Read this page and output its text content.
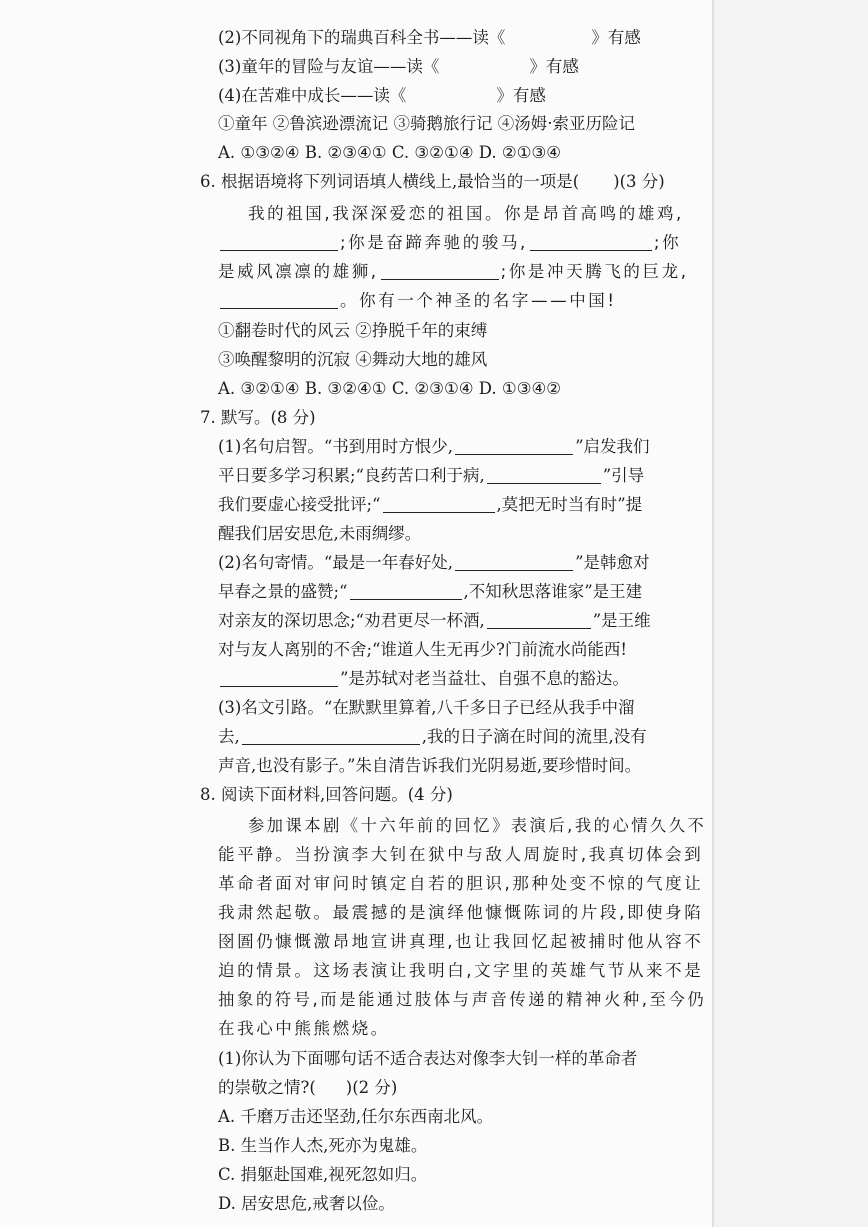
(2)不同视角下的瑞典百科全书——读《	》有感
(3)童年的冒险与友谊——读《	》有感
(4)在苦难中成长——读《	》有感
①童年 ②鲁滨逊漂流记 ③骑鹅旅行记 ④汤姆·索亚历险记
A. ①③②④ B. ②③④① C. ③②①④ D. ②①③④
6. 根据语境将下列词语填人横线上,最恰当的一项是( )(3 分)
我的祖国,我深深爱恋的祖国。你是昂首高鸣的雄鸡,
;你是奋蹄奔驰的骏马,	;你
是威风凛凛的雄狮,	;你是冲天腾飞的巨龙,
。你有一个神圣的名字——中国!
①翻卷时代的风云 ②挣脱千年的束缚
③唤醒黎明的沉寂 ④舞动大地的雄风
A. ③②①④ B. ③②④① C. ②③①④ D. ①③④②
7. 默写。(8 分)
(1)名句启智。“书到用时方恨少,	”启发我们
平日要多学习积累;“良药苦口利于病,	”引导
我们要虚心接受批评;“	,莫把无时当有时”提
醒我们居安思危,未雨绸缪。
(2)名句寄情。“最是一年春好处,	”是韩愈对
早春之景的盛赞;“	,不知秋思落谁家”是王建
对亲友的深切思念;“劝君更尽一杯酒,	”是王维
对与友人离别的不舍;“谁道人生无再少?门前流水尚能西!
”是苏轼对老当益壮、自强不息的豁达。
(3)名文引路。“在默默里算着,八千多日子已经从我手中溜
去,	,我的日子滴在时间的流里,没有
声音,也没有影子。”朱自清告诉我们光阴易逝,要珍惜时间。
8. 阅读下面材料,回答问题。(4 分)
参加课本剧《十六年前的回忆》表演后,我的心情久久不
能平静。当扮演李大钊在狱中与敌人周旋时,我真切体会到
革命者面对审问时镇定自若的胆识,那种处变不惊的气度让
我肃然起敬。最震撼的是演绎他慷慨陈词的片段,即使身陷
囹圄仍慷慨激昂地宣讲真理,也让我回忆起被捕时他从容不
迫的情景。这场表演让我明白,文字里的英雄气节从来不是
抽象的符号,而是能通过肢体与声音传递的精神火种,至今仍
在我心中熊熊燃烧。
(1)你认为下面哪句话不适合表达对像李大钊一样的革命者
的崇敬之情?( )(2 分)
A. 千磨万击还坚劲,任尔东西南北风。
B. 生当作人杰,死亦为鬼雄。
C. 捐躯赴国难,视死忽如归。
D. 居安思危,戒奢以俭。
